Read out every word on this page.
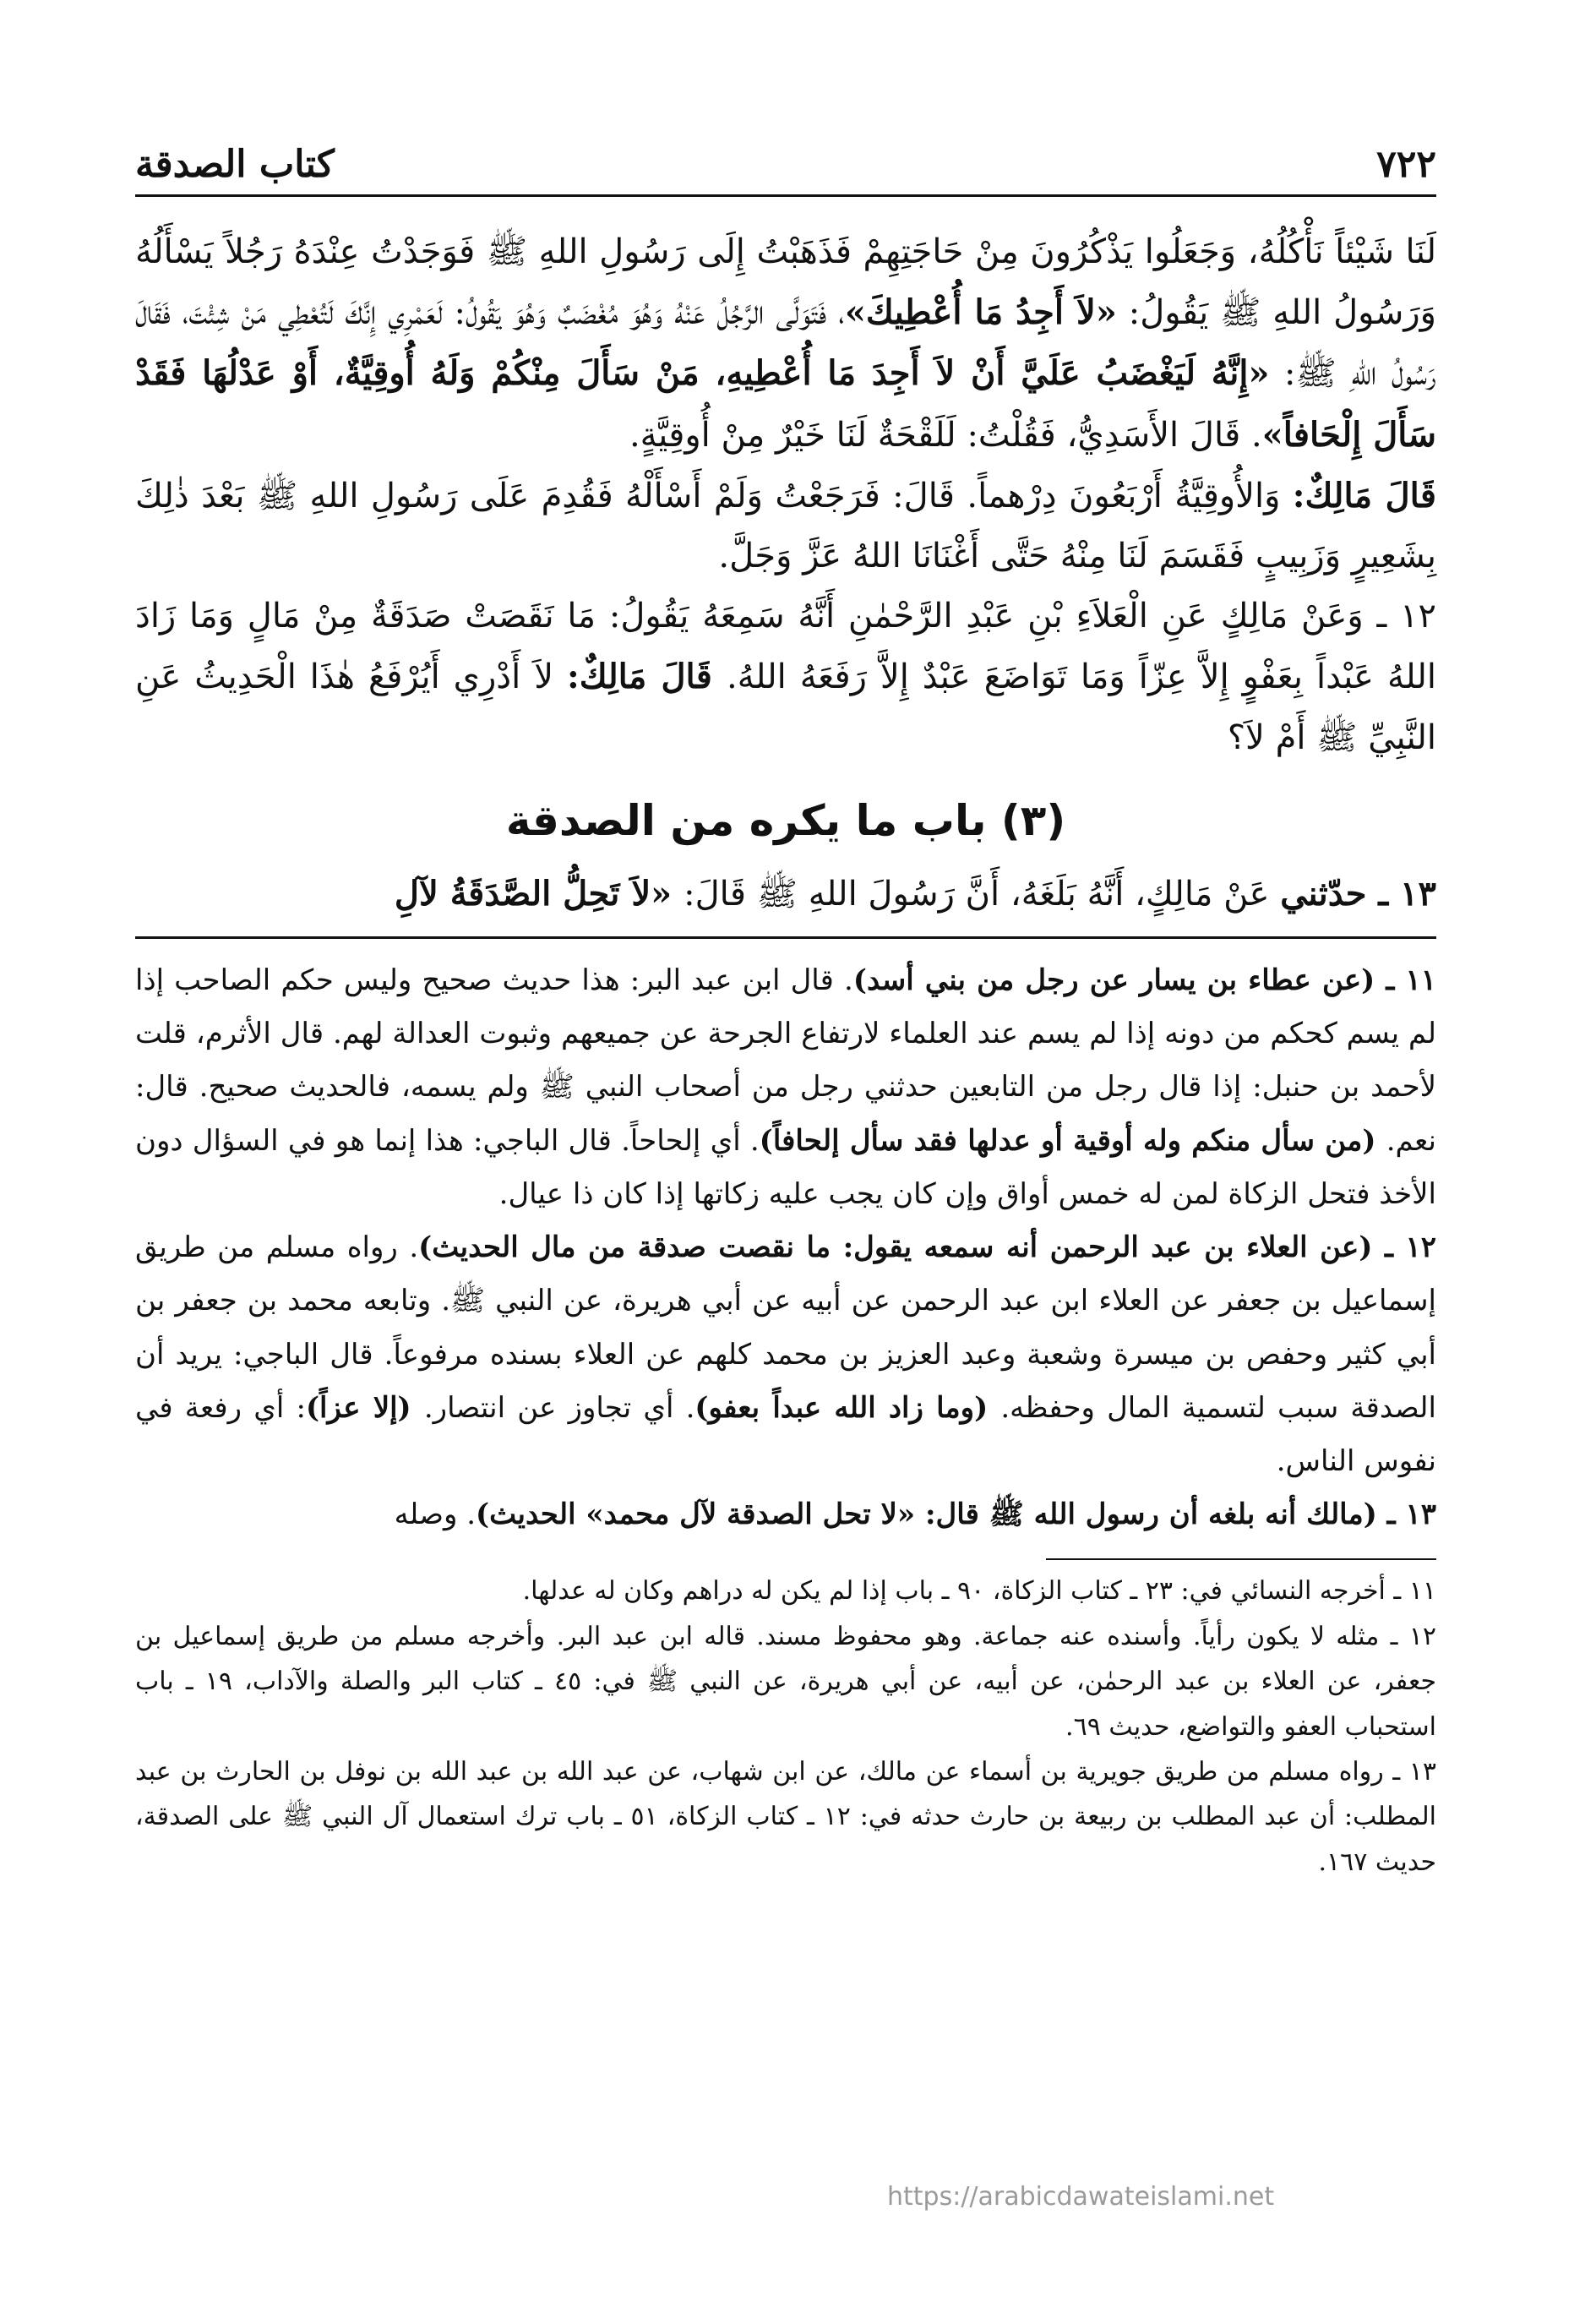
٧٢٢
كتاب الصدقة

لَنَا شَيْئاً نَأْكُلُهُ، وَجَعَلُوا يَذْكُرُونَ مِنْ حَاجَتِهِمْ فَذَهَبْتُ إِلَى رَسُولِ اللهِ ﷺ فَوَجَدْتُ عِنْدَهُ رَجُلاً يَسْأَلُهُ وَرَسُولُ اللهِ ﷺ يَقُولُ: «لاَ أَجِدُ مَا أُعْطِيكَ»، فَتَوَلَّى الرَّجُلُ عَنْهُ وَهُوَ مُغْضَبٌ وَهُوَ يَقُولُ: لَعَمْرِي إِنَّكَ لَتُعْطِي مَنْ شِئْتَ، فَقَالَ رَسُولُ اللهِ ﷺ: «إِنَّهُ لَيَغْضَبُ عَلَيَّ أَنْ لاَ أَجِدَ مَا أُعْطِيهِ، مَنْ سَأَلَ مِنْكُمْ وَلَهُ أُوقِيَّةٌ، أَوْ عَدْلُهَا فَقَدْ سَأَلَ إِلْحَافاً». قَالَ الأَسَدِيُّ، فَقُلْتُ: لَلَقْحَةٌ لَنَا خَيْرٌ مِنْ أُوقِيَّةٍ.

قَالَ مَالِكٌ: وَالأُوقِيَّةُ أَرْبَعُونَ دِرْهماً. قَالَ: فَرَجَعْتُ وَلَمْ أَسْأَلْهُ فَقُدِمَ عَلَى رَسُولِ اللهِ ﷺ بَعْدَ ذٰلِكَ بِشَعِيرٍ وَزَبِيبٍ فَقَسَمَ لَنَا مِنْهُ حَتَّى أَغْنَانَا اللهُ عَزَّ وَجَلَّ.

١٢ ـ وَعَنْ مَالِكٍ عَنِ الْعَلاَءِ بْنِ عَبْدِ الرَّحْمٰنِ أَنَّهُ سَمِعَهُ يَقُولُ: مَا نَقَصَتْ صَدَقَةٌ مِنْ مَالٍ وَمَا زَادَ اللهُ عَبْداً بِعَفْوٍ إِلاَّ عِزّاً وَمَا تَوَاضَعَ عَبْدٌ إِلاَّ رَفَعَهُ اللهُ. قَالَ مَالِكٌ: لاَ أَدْرِي أَيُرْفَعُ هٰذَا الْحَدِيثُ عَنِ النَّبِيِّ ﷺ أَمْ لاَ؟

(٣) باب ما يكره من الصدقة

١٣ ـ حدّثني عَنْ مَالِكٍ، أَنَّهُ بَلَغَهُ، أَنَّ رَسُولَ اللهِ ﷺ قَالَ: «لاَ تَحِلُّ الصَّدَقَةُ لآلِ

١١ ـ (عن عطاء بن يسار عن رجل من بني أسد). قال ابن عبد البر: هذا حديث صحيح وليس حكم الصاحب إذا لم يسم كحكم من دونه إذا لم يسم عند العلماء لارتفاع الجرحة عن جميعهم وثبوت العدالة لهم. قال الأثرم، قلت لأحمد بن حنبل: إذا قال رجل من التابعين حدثني رجل من أصحاب النبي ﷺ ولم يسمه، فالحديث صحيح. قال: نعم. (من سأل منكم وله أوقية أو عدلها فقد سأل إلحافاً). أي إلحاحاً. قال الباجي: هذا إنما هو في السؤال دون الأخذ فتحل الزكاة لمن له خمس أواق وإن كان يجب عليه زكاتها إذا كان ذا عيال.

١٢ ـ (عن العلاء بن عبد الرحمن أنه سمعه يقول: ما نقصت صدقة من مال الحديث). رواه مسلم من طريق إسماعيل بن جعفر عن العلاء ابن عبد الرحمن عن أبيه عن أبي هريرة، عن النبي ﷺ. وتابعه محمد بن جعفر بن أبي كثير وحفص بن ميسرة وشعبة وعبد العزيز بن محمد كلهم عن العلاء بسنده مرفوعاً. قال الباجي: يريد أن الصدقة سبب لتسمية المال وحفظه. (وما زاد الله عبداً بعفو). أي تجاوز عن انتصار. (إلا عزاً): أي رفعة في نفوس الناس.

١٣ ـ (مالك أنه بلغه أن رسول الله ﷺ قال: «لا تحل الصدقة لآل محمد» الحديث). وصله

١١ ـ أخرجه النسائي في: ٢٣ ـ كتاب الزكاة، ٩٠ ـ باب إذا لم يكن له دراهم وكان له عدلها.

١٢ ـ مثله لا يكون رأياً. وأسنده عنه جماعة. وهو محفوظ مسند. قاله ابن عبد البر. وأخرجه مسلم من طريق إسماعيل بن جعفر، عن العلاء بن عبد الرحمٰن، عن أبيه، عن أبي هريرة، عن النبي ﷺ في: ٤٥ ـ كتاب البر والصلة والآداب، ١٩ ـ باب استحباب العفو والتواضع، حديث ٦٩.

١٣ ـ رواه مسلم من طريق جويرية بن أسماء عن مالك، عن ابن شهاب، عن عبد الله بن عبد الله بن نوفل بن الحارث بن عبد المطلب: أن عبد المطلب بن ربيعة بن حارث حدثه في: ١٢ ـ كتاب الزكاة، ٥١ ـ باب ترك استعمال آل النبي ﷺ على الصدقة، حديث ١٦٧.

https://arabicdawateislami.net
